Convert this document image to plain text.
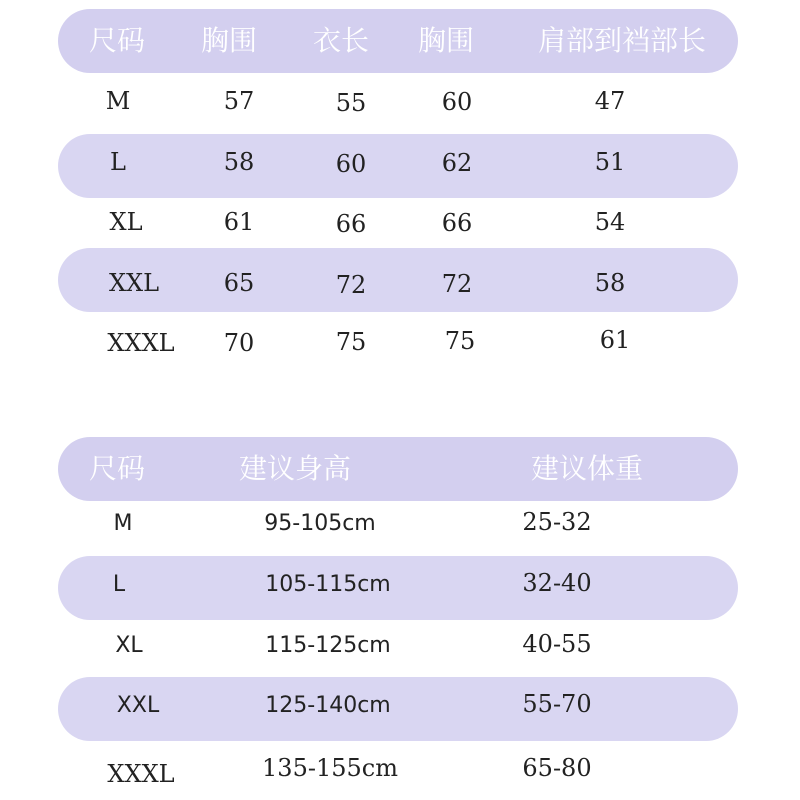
尺码 胸围 衣长 胸围 肩部到裆部长
M	57	55	60	47
L	58	60	62	51
XL	61	66	66	54
XXL	65	72	72	58
XXXL 70	75	75	61
尺码	建议身高	建议体重
M	95-105cm	25-32
L	105-115cm	32-40
XL	115-125cm	40-55
XXL	125-140cm	55-70
XXXL	135-155cm	65-80
